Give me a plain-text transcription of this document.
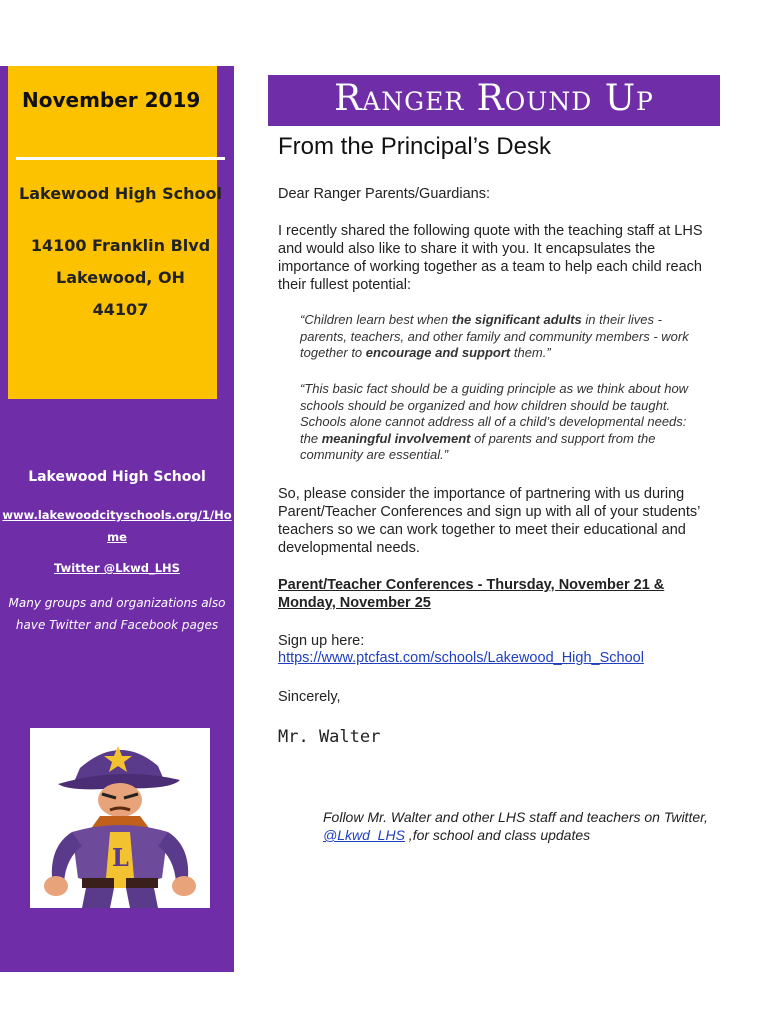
November 2019
Lakewood High School
14100 Franklin Blvd
Lakewood, OH
44107
Lakewood High School
www.lakewoodcityschools.org/1/Home
Twitter @Lkwd_LHS
Many groups and organizations also have Twitter and Facebook pages
L
Ranger Round Up
From the Principal’s Desk
Dear Ranger Parents/Guardians:
I recently shared the following quote with the teaching staff at LHS and would also like to share it with you. It encapsulates the importance of working together as a team to help each child reach their fullest potential:
“Children learn best when the significant adults in their lives - parents, teachers, and other family and community members - work together to encourage and support them.”
“This basic fact should be a guiding principle as we think about how schools should be organized and how children should be taught. Schools alone cannot address all of a child’s developmental needs: the meaningful involvement of parents and support from the community are essential.”
So, please consider the importance of partnering with us during Parent/Teacher Conferences and sign up with all of your students’ teachers so we can work together to meet their educational and developmental needs.
Parent/Teacher Conferences - Thursday, November 21 & Monday, November 25
Sign up here:
https://www.ptcfast.com/schools/Lakewood_High_School
Sincerely,
Mr. Walter
Follow Mr. Walter and other LHS staff and teachers on Twitter, @Lkwd_LHS ,for school and class updates
